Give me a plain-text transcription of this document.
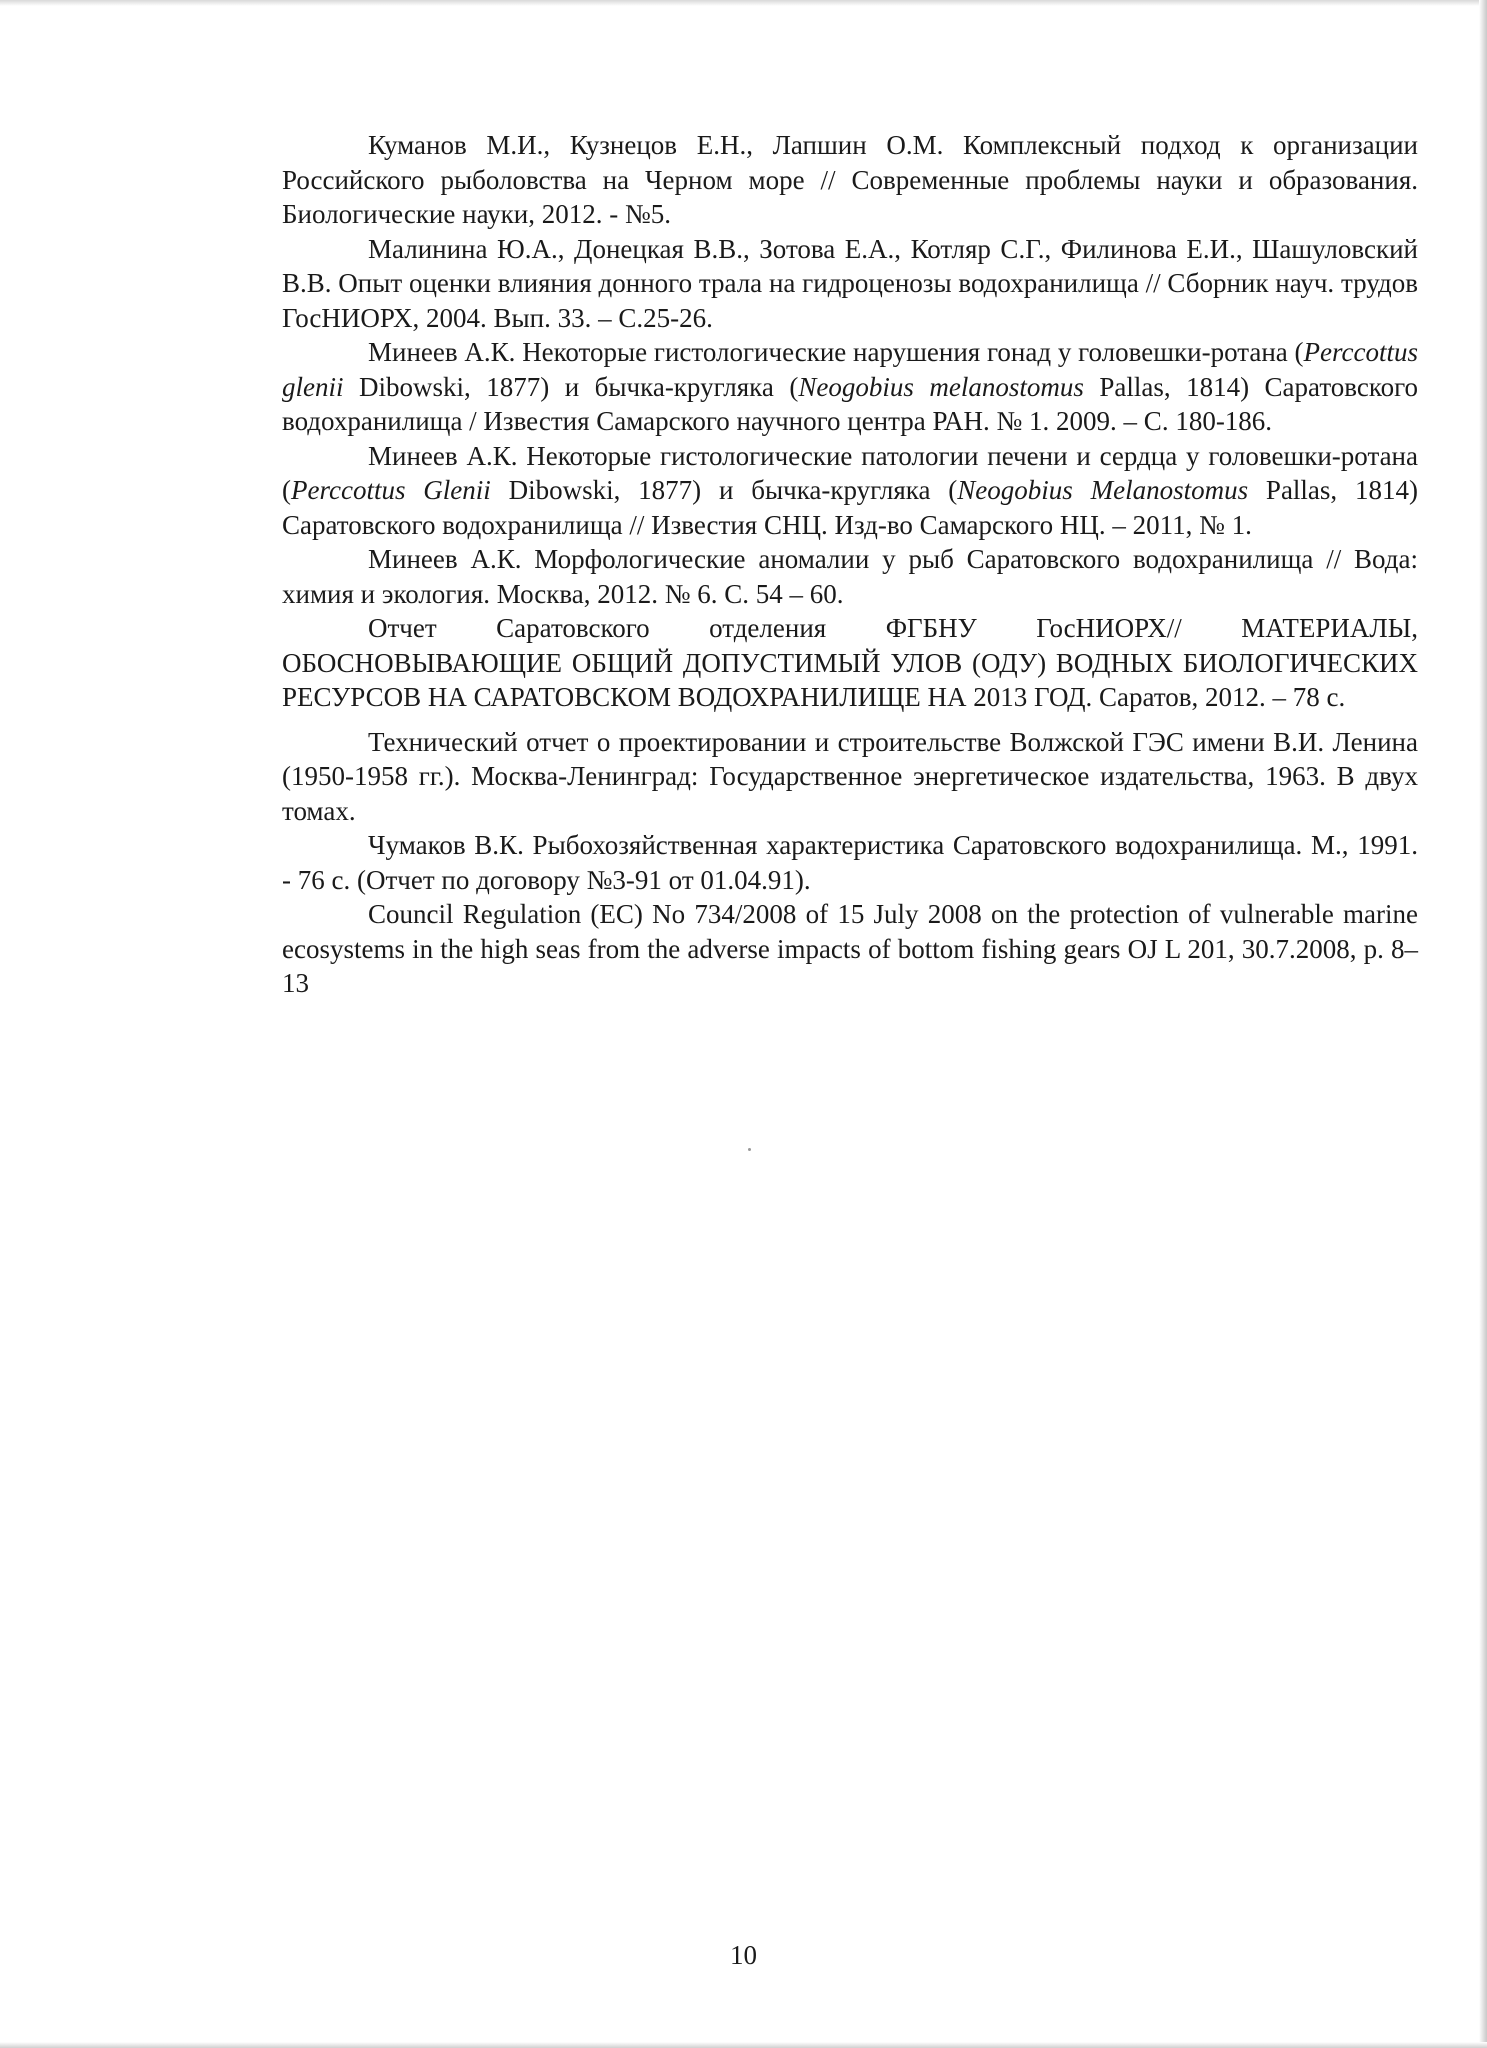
Куманов М.И., Кузнецов Е.Н., Лапшин О.М. Комплексный подход к организации Российского рыболовства на Черном море // Современные проблемы науки и образования. Биологические науки, 2012. - №5.

Малинина Ю.А., Донецкая В.В., Зотова Е.А., Котляр С.Г., Филинова Е.И., Шашуловский В.В. Опыт оценки влияния донного трала на гидроценозы водохранилища // Сборник науч. трудов ГосНИОРХ, 2004. Вып. 33. – С.25-26.

Минеев А.К. Некоторые гистологические нарушения гонад у головешки-ротана (Perccottus glenii Dibowski, 1877) и бычка-кругляка (Neogobius melanostomus Pallas, 1814) Саратовского водохранилища / Известия Самарского научного центра РАН. № 1. 2009. – С. 180-186.

Минеев А.К. Некоторые гистологические патологии печени и сердца у головешки-ротана (Perccottus Glenii Dibowski, 1877) и бычка-кругляка (Neogobius Melanostomus Pallas, 1814) Саратовского водохранилища // Известия СНЦ. Изд-во Самарского НЦ. – 2011, № 1.

Минеев А.К. Морфологические аномалии у рыб Саратовского водохранилища // Вода: химия и экология. Москва, 2012. № 6. С. 54 – 60.

Отчет Саратовского отделения ФГБНУ ГосНИОРХ// МАТЕРИАЛЫ, ОБОСНОВЫВАЮЩИЕ ОБЩИЙ ДОПУСТИМЫЙ УЛОВ (ОДУ) ВОДНЫХ БИОЛОГИЧЕСКИХ РЕСУРСОВ НА САРАТОВСКОМ ВОДОХРАНИЛИЩЕ НА 2013 ГОД. Саратов, 2012. – 78 с.

Технический отчет о проектировании и строительстве Волжской ГЭС имени В.И. Ленина (1950-1958 гг.). Москва-Ленинград: Государственное энергетическое издательства, 1963. В двух томах.

Чумаков В.К. Рыбохозяйственная характеристика Саратовского водохранилища. М., 1991. - 76 с. (Отчет по договору №3-91 от 01.04.91).

Council Regulation (EC) No 734/2008 of 15 July 2008 on the protection of vulnerable marine ecosystems in the high seas from the adverse impacts of bottom fishing gears OJ L 201, 30.7.2008, p. 8–13

10
